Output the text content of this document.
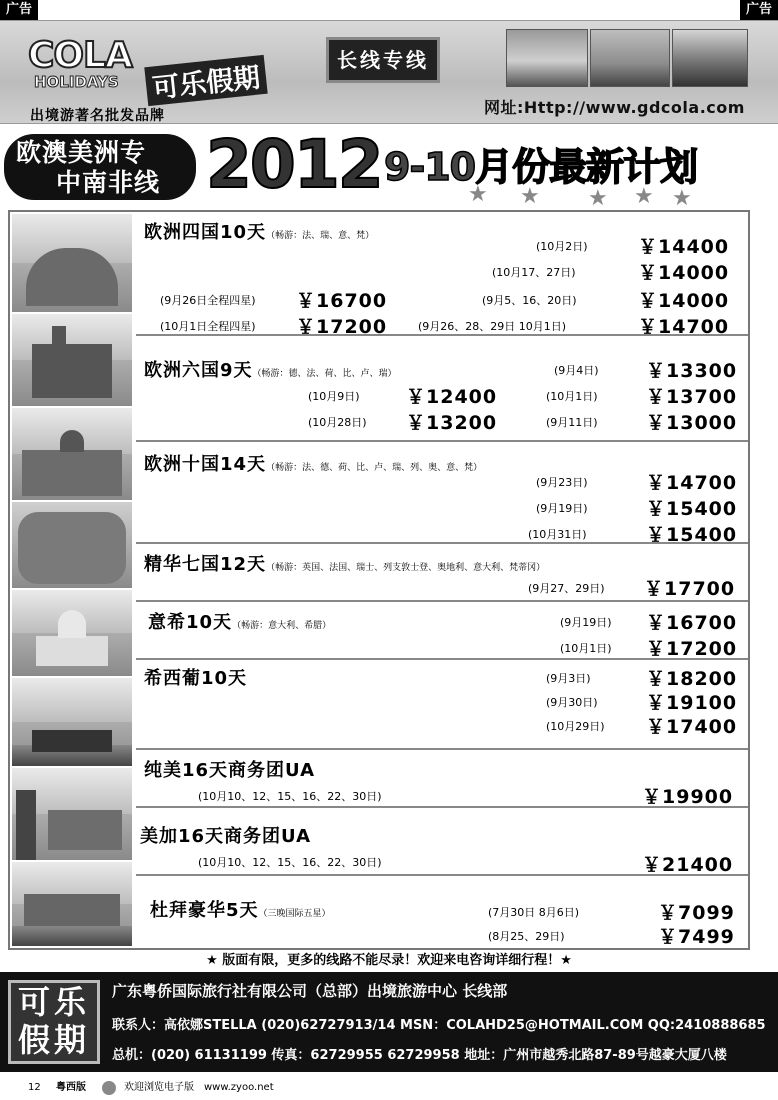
广告	广告
COLA
HOLIDAYS 可乐假期
出境游著名批发品牌
长线专线
网址:Http://www.gdcola.com
欧澳美洲专
中南非线 2012 9-10月份最新计划
★ ★ ★ ★ ★
欧洲四国10天（畅游：法、瑞、意、梵）
(10月2日)	￥14400
(10月17、27日)	￥14000
(9月26日全程四星) ￥16700	(9月5、16、20日)	￥14000
(10月1日全程四星) ￥17200	(9月26、28、29日 10月1日)	￥14700
欧洲六国9天（畅游：德、法、荷、比、卢、瑞）	(9月4日) ￥13300
(10月9日) ￥12400	(10月1日)	￥13700
(10月28日) ￥13200	(9月11日)	￥13000
欧洲十国14天（畅游：法、德、荷、比、卢、瑞、列、奥、意、梵）
(9月23日)	￥14700
(9月19日)	￥15400
(10月31日)	￥15400
精华七国12天（畅游：英国、法国、瑞士、列支敦士登、奥地利、意大利、梵蒂冈）
(9月27、29日) ￥17700
意希10天（畅游：意大利、希腊）	(9月19日) ￥16700
(10月1日) ￥17200
希西葡10天	(9月3日)	￥18200
(9月30日)	￥19100
(10月29日) ￥17400
纯美16天商务团UA
(10月10、12、15、16、22、30日)	￥19900
美加16天商务团UA
(10月10、12、15、16、22、30日)	￥21400
杜拜豪华5天（三晚国际五星）	(7月30日 8月6日)	￥7099
(8月25、29日)	￥7499
★ 版面有限，更多的线路不能尽录！欢迎来电咨询详细行程！★
可乐
假期
广东粤侨国际旅行社有限公司（总部）出境旅游中心 长线部
联系人：高依娜STELLA (020)62727913/14 MSN：COLAHD25@HOTMAIL.COM QQ:2410888685
总机：(020) 61131199 传真：62729955 62729958 地址：广州市越秀北路87-89号越豪大厦八楼
12 粤西版	欢迎浏览电子版 www.zyoo.net
